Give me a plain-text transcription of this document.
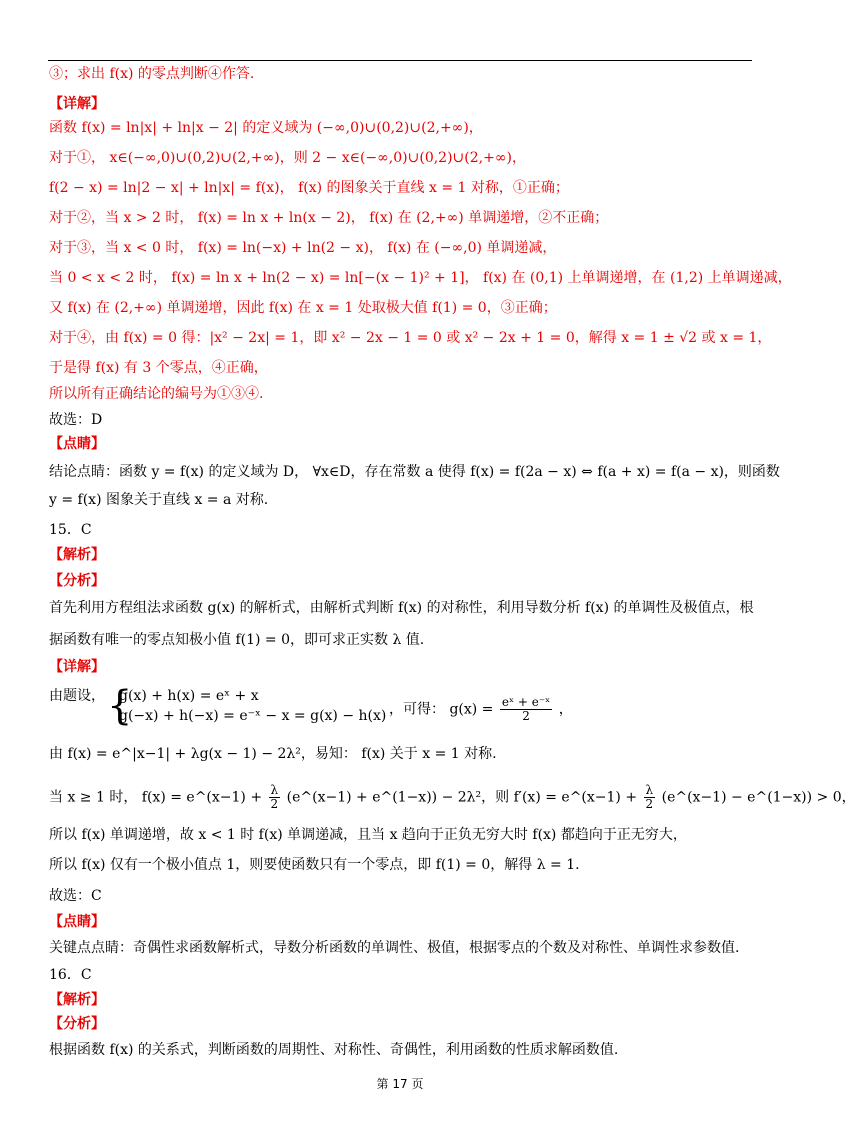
③；求出 f(x) 的零点判断④作答.
【详解】
函数 f(x) = ln|x| + ln|x − 2| 的定义域为 (−∞,0)∪(0,2)∪(2,+∞)，
对于①， x∈(−∞,0)∪(0,2)∪(2,+∞)，则 2 − x∈(−∞,0)∪(0,2)∪(2,+∞)，
f(2 − x) = ln|2 − x| + ln|x| = f(x)， f(x) 的图象关于直线 x = 1 对称，①正确；
对于②，当 x > 2 时， f(x) = ln x + ln(x − 2)， f(x) 在 (2,+∞) 单调递增，②不正确；
对于③，当 x < 0 时， f(x) = ln(−x) + ln(2 − x)， f(x) 在 (−∞,0) 单调递减，
当 0 < x < 2 时， f(x) = ln x + ln(2 − x) = ln[−(x − 1)² + 1]， f(x) 在 (0,1) 上单调递增，在 (1,2) 上单调递减，
又 f(x) 在 (2,+∞) 单调递增，因此 f(x) 在 x = 1 处取极大值 f(1) = 0，③正确；
对于④，由 f(x) = 0 得：|x² − 2x| = 1，即 x² − 2x − 1 = 0 或 x² − 2x + 1 = 0，解得 x = 1 ± √2 或 x = 1，
于是得 f(x) 有 3 个零点，④正确，
所以所有正确结论的编号为①③④.
故选：D
【点睛】
结论点睛：函数 y = f(x) 的定义域为 D， ∀x∈D，存在常数 a 使得 f(x) = f(2a − x) ⇔ f(a + x) = f(a − x)，则函数
y = f(x) 图象关于直线 x = a 对称.
15．C
【解析】
【分析】
首先利用方程组法求函数 g(x) 的解析式，由解析式判断 f(x) 的对称性，利用导数分析 f(x) 的单调性及极值点，根
据函数有唯一的零点知极小值 f(1) = 0，即可求正实数 λ 值.
【详解】
由 f(x) = e^|x−1| + λg(x − 1) − 2λ²，易知： f(x) 关于 x = 1 对称.
所以 f(x) 单调递增，故 x < 1 时 f(x) 单调递减，且当 x 趋向于正负无穷大时 f(x) 都趋向于正无穷大，
所以 f(x) 仅有一个极小值点 1，则要使函数只有一个零点，即 f(1) = 0，解得 λ = 1.
故选：C
【点睛】
关键点点睛：奇偶性求函数解析式，导数分析函数的单调性、极值，根据零点的个数及对称性、单调性求参数值.
16．C
【解析】
【分析】
根据函数 f(x) 的关系式，判断函数的周期性、对称性、奇偶性，利用函数的性质求解函数值.
由题设， {
g(x) + h(x) = eˣ + x
g(−x) + h(−x) = e⁻ˣ − x = g(x) − h(x) ，可得： $g(x) = \frac{\text{eˣ + e⁻ˣ}}{2}$ ，
当 x ≥ 1 时， f(x) = e^(x−1) + $\frac{\lambda}{2}$ (e^(x−1) + e^(1−x)) − 2λ²，则 f′(x) = e^(x−1) + $\frac{\lambda}{2}$ (e^(x−1) − e^(1−x)) > 0，
第 17 页
